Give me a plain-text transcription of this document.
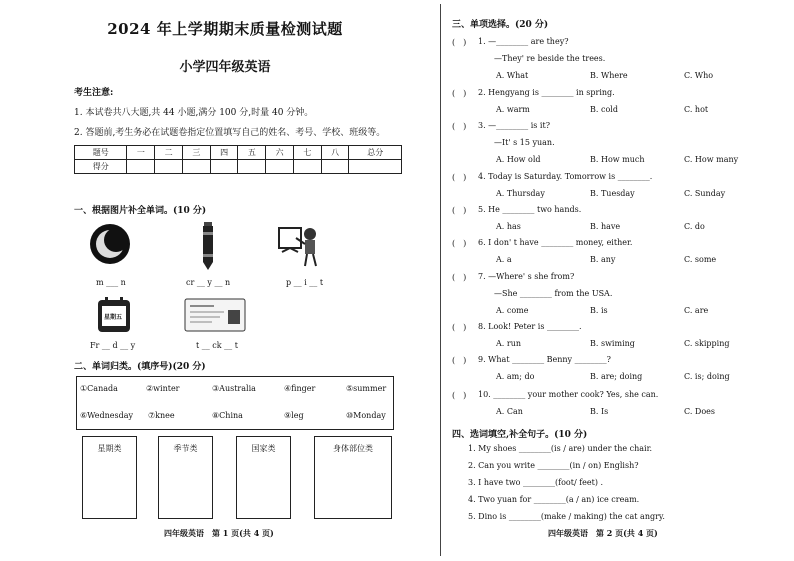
2024 年上学期期末质量检测试题
小学四年级英语
考生注意:
1. 本试卷共八大题,共 44 小题,满分 100 分,时量 40 分钟。
2. 答题前,考生务必在试题卷指定位置填写自己的姓名、考号、学校、班级等。
题号	一	二	三	四	五	六	七	八	总分
得分									
一、根据图片补全单词。(10 分)
m ___ n	cr __ y __ n	p __ i __ t
星期五
Fr __ d __ y	t __ ck __ t
二、单词归类。(填序号)(20 分)
①Canada	②winter	③Australia	④finger	⑤summer
⑥Wednesday ⑦knee	⑧China	⑨leg	⑩Monday
星期类	季节类	国家类	身体部位类
四年级英语　第 1 页(共 4 页)
三、单项选择。(20 分)
(　) 1. —________ are they?
—They' re beside the trees.
A. What	B. Where	C. Who
(　) 2. Hengyang is ________ in spring.
A. warm	B. cold	C. hot
(　) 3. —________ is it?
—It' s 15 yuan.
A. How old	B. How much	C. How many
(　) 4. Today is Saturday. Tomorrow is ________.
A. Thursday	B. Tuesday	C. Sunday
(　) 5. He ________ two hands.
A. has	B. have	C. do
(　) 6. I don' t have ________ money, either.
A. a	B. any	C. some
(　) 7. —Where' s she from?
—She ________ from the USA.
A. come	B. is	C. are
(　) 8. Look! Peter is ________.
A. run	B. swiming	C. skipping
(　) 9. What ________ Benny ________?
A. am; do	B. are; doing	C. is; doing
(　) 10. ________ your mother cook? Yes, she can.
A. Can	B. Is	C. Does
四、选词填空,补全句子。(10 分)
1. My shoes ________(is / are) under the chair.
2. Can you write ________(in / on) English?
3. I have two ________(foot/ feet) .
4. Two yuan for ________(a / an) ice cream.
5. Dino is ________(make / making) the cat angry.
四年级英语　第 2 页(共 4 页)
